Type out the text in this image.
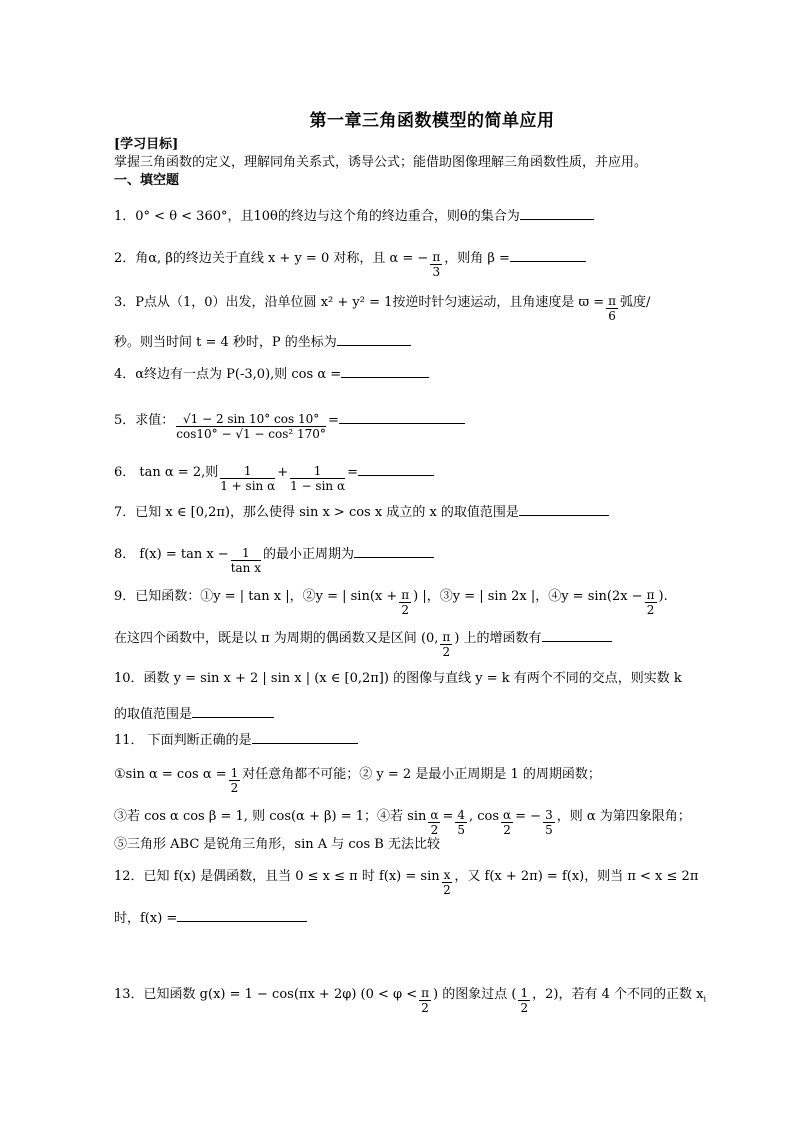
第一章三角函数模型的简单应用
[学习目标]
掌握三角函数的定义，理解同角关系式，诱导公式；能借助图像理解三角函数性质，并应用。
一、填空题
1．0° < θ < 360°，且10θ的终边与这个角的终边重合，则θ的集合为
2．角α, β的终边关于直线 x + y = 0 对称，且 α = − $\frac{\pi}{3}$ ，则角 β =
3．P点从（1，0）出发，沿单位圆 x² + y² = 1按逆时针匀速运动，且角速度是 $ϖ = \frac{\pi}{6}$ 弧度/
秒。则当时间 t = 4 秒时，P 的坐标为
4．α终边有一点为 P(-3,0),则 cos α =
5．求值： $\frac{√1 - 2 \sin 10^\circ \cos 10^\circ}{\text{cos10° − √1 − cos² 170°}}$ =
6． tan α = 2,则 $\frac{1}{\text{1 + sin α}} + \frac{1}{\text{1 − sin α}}$ =
7．已知 x ∈ [0,2π)，那么使得 sin x > cos x 成立的 x 的取值范围是
8． $f(x) = \tan x - \frac{1}{\text{tan x}}$ 的最小正周期为
9．已知函数：①y = | tan x |，②y = | $\sin(x + \frac{\pi}{2}$ ) |，③y = | sin 2x |，④y = $\sin(2x - \frac{\pi}{2}$ ).
在这四个函数中，既是以 π 为周期的偶函数又是区间 (0, $\frac{\pi}{2}$ ) 上的增函数有
10．函数 y = sin x + 2 | sin x | (x ∈ [0,2π]) 的图像与直线 y = k 有两个不同的交点，则实数 k
的取值范围是
11． 下面判断正确的是
①sin $\alpha = \cos \alpha = \frac{1}{2}$ 对任意角都不可能；② y = 2 是最小正周期是 1 的周期函数；
③若 cos α cos β = 1, 则 cos(α + β) = 1；④若 $\sin \frac{\alpha}{2} = \frac{4}{5}$ , $\cos \frac{\alpha}{2}$ = − $\frac{3}{5}$ ，则 α 为第四象限角；
⑤三角形 ABC 是锐角三角形，sin A 与 cos B 无法比较
12．已知 f(x) 是偶函数，且当 0 ≤ x ≤ π 时 $f(x) = \sin \frac{x}{2}$ ，又 f(x + 2π) = f(x)，则当 π < x ≤ 2π
时，f(x) =
13．已知函数 g(x) = 1 − cos(πx + 2φ) ($0 < \varphi < \frac{\pi}{2}$ ) 的图象过点 ( $\frac{1}{2}$ ，2)，若有 4 个不同的正数 $x_i$
